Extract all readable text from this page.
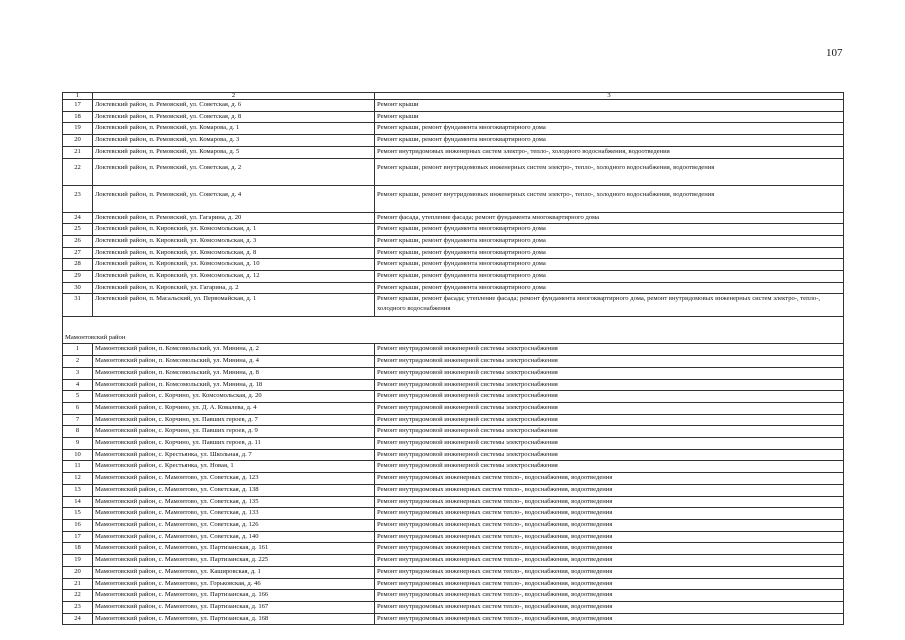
107
1	2	3
17	Локтевский район, п. Ремовский, ул. Советская, д. 6	Ремонт крыши
18	Локтевский район, п. Ремовский, ул. Советская, д. 8	Ремонт крыши
19	Локтевский район, п. Ремовский, ул. Комарова, д. 1	Ремонт крыши, ремонт фундамента многоквартирного дома
20	Локтевский район, п. Ремовский, ул. Комарова, д. 3	Ремонт крыши, ремонт фундамента многоквартирного дома
21	Локтевский район, п. Ремовский, ул. Комарова, д. 5	Ремонт внутридомовых инженерных систем электро-, тепло-, холодного водоснабжения, водоотведения
22	Локтевский район, п. Ремовский, ул. Советская, д. 2	Ремонт крыши, ремонт внутридомовых инженерных систем электро-, тепло-, холодного водоснабжения, водоотведения
23	Локтевский район, п. Ремовский, ул. Советская, д. 4	Ремонт крыши, ремонт внутридомовых инженерных систем электро-, тепло-, холодного водоснабжения, водоотведения
24	Локтевский район, п. Ремовский, ул. Гагарина, д. 20	Ремонт фасада, утепление фасада; ремонт фундамента многоквартирного дома
25	Локтевский район, п. Кировский, ул. Комсомольская, д. 1	Ремонт крыши, ремонт фундамента многоквартирного дома
26	Локтевский район, п. Кировский, ул. Комсомольская, д. 3	Ремонт крыши, ремонт фундамента многоквартирного дома
27	Локтевский район, п. Кировский, ул. Комсомольская, д. 8	Ремонт крыши, ремонт фундамента многоквартирного дома
28	Локтевский район, п. Кировский, ул. Комсомольская, д. 10	Ремонт крыши, ремонт фундамента многоквартирного дома
29	Локтевский район, п. Кировский, ул. Комсомольская, д. 12	Ремонт крыши, ремонт фундамента многоквартирного дома
30	Локтевский район, п. Кировский, ул. Гагарина, д. 2	Ремонт крыши, ремонт фундамента многоквартирного дома
31	Локтевский район, п. Масальский, ул. Первомайская, д. 1	Ремонт крыши, ремонт фасада; утепление фасада; ремонт фундамента многоквартирного дома, ремонт внутридомовых инженерных систем электро-, тепло-, холодного водоснабжения
Мамонтовский район		
1	Мамонтовский район, п. Комсомольский, ул. Минина, д. 2	Ремонт внутридомовой инженерной системы электроснабжения
2	Мамонтовский район, п. Комсомольский, ул. Минина, д. 4	Ремонт внутридомовой инженерной системы электроснабжения
3	Мамонтовский район, п. Комсомольский, ул. Минина, д. 8	Ремонт внутридомовой инженерной системы электроснабжения
4	Мамонтовский район, п. Комсомольский, ул. Минина, д. 18	Ремонт внутридомовой инженерной системы электроснабжения
5	Мамонтовский район, с. Корчино, ул. Комсомольская, д. 20	Ремонт внутридомовой инженерной системы электроснабжения
6	Мамонтовский район, с. Корчино, ул. Д. А. Ковалева, д. 4	Ремонт внутридомовой инженерной системы электроснабжения
7	Мамонтовский район, с. Корчино, ул. Павших героев, д. 7	Ремонт внутридомовой инженерной системы электроснабжения
8	Мамонтовский район, с. Корчино, ул. Павших героев, д. 9	Ремонт внутридомовой инженерной системы электроснабжения
9	Мамонтовский район, с. Корчино, ул. Павших героев, д. 11	Ремонт внутридомовой инженерной системы электроснабжения
10	Мамонтовский район, с. Крестьянка, ул. Школьная, д. 7	Ремонт внутридомовой инженерной системы электроснабжения
11	Мамонтовский район, с. Крестьянка, ул. Новая, 1	Ремонт внутридомовой инженерной системы электроснабжения
12	Мамонтовский район, с. Мамонтово, ул. Советская, д. 123	Ремонт внутридомовых инженерных систем тепло-, водоснабжения, водоотведения
13	Мамонтовский район, с. Мамонтово, ул. Советская, д. 138	Ремонт внутридомовых инженерных систем тепло-, водоснабжения, водоотведения
14	Мамонтовский район, с. Мамонтово, ул. Советская, д. 135	Ремонт внутридомовых инженерных систем тепло-, водоснабжения, водоотведения
15	Мамонтовский район, с. Мамонтово, ул. Советская, д. 133	Ремонт внутридомовых инженерных систем тепло-, водоснабжения, водоотведения
16	Мамонтовский район, с. Мамонтово, ул. Советская, д. 126	Ремонт внутридомовых инженерных систем тепло-, водоснабжения, водоотведения
17	Мамонтовский район, с. Мамонтово, ул. Советская, д. 140	Ремонт внутридомовых инженерных систем тепло-, водоснабжения, водоотведения
18	Мамонтовский район, с. Мамонтово, ул. Партизанская, д. 161	Ремонт внутридомовых инженерных систем тепло-, водоснабжения, водоотведения
19	Мамонтовский район, с. Мамонтово, ул. Партизанская, д. 225	Ремонт внутридомовых инженерных систем тепло-, водоснабжения, водоотведения
20	Мамонтовский район, с. Мамонтово, ул. Кашировская, д. 1	Ремонт внутридомовых инженерных систем тепло-, водоснабжения, водоотведения
21	Мамонтовский район, с. Мамонтово, ул. Горьковская, д. 46	Ремонт внутридомовых инженерных систем тепло-, водоснабжения, водоотведения
22	Мамонтовский район, с. Мамонтово, ул. Партизанская, д. 166	Ремонт внутридомовых инженерных систем тепло-, водоснабжения, водоотведения
23	Мамонтовский район, с. Мамонтово, ул. Партизанская, д. 167	Ремонт внутридомовых инженерных систем тепло-, водоснабжения, водоотведения
24	Мамонтовский район, с. Мамонтово, ул. Партизанская, д. 168	Ремонт внутридомовых инженерных систем тепло-, водоснабжения, водоотведения
